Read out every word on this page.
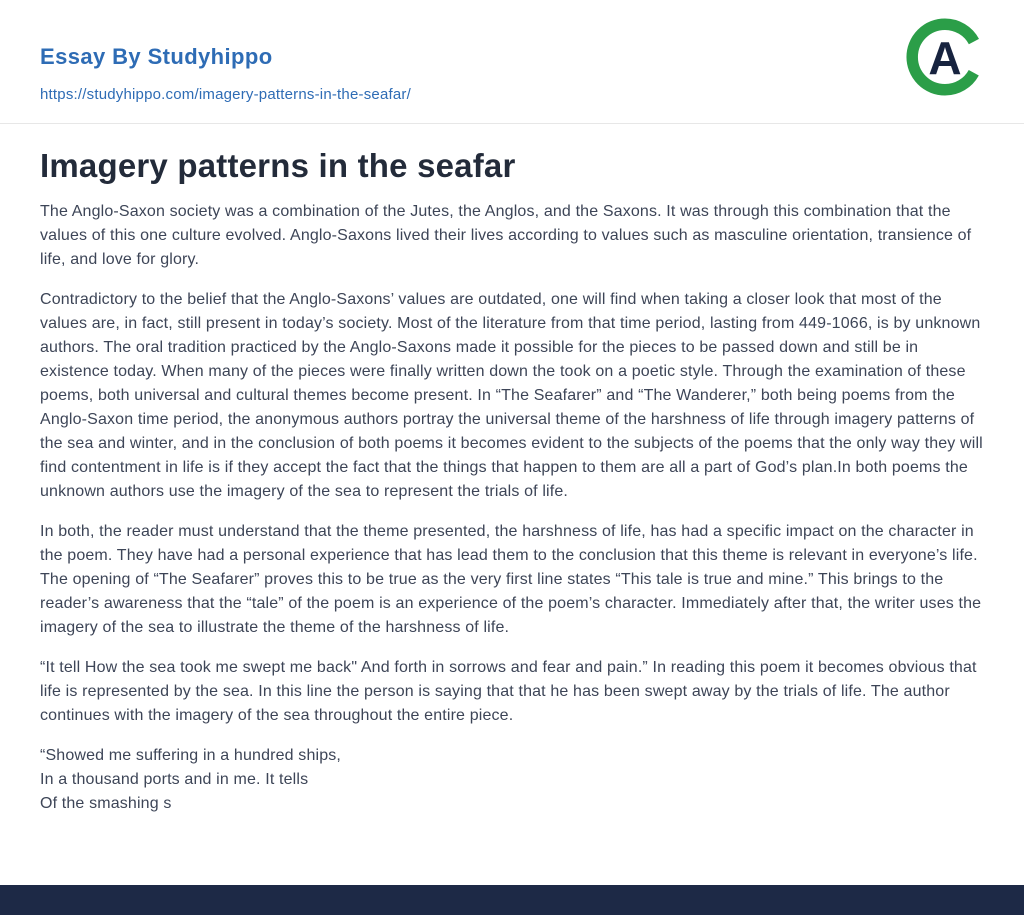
Essay By Studyhippo
https://studyhippo.com/imagery-patterns-in-the-seafar/
A
Imagery patterns in the seafar

The Anglo-Saxon society was a combination of the Jutes, the Anglos, and the Saxons. It was through this combination that the values of this one culture evolved. Anglo-Saxons lived their lives according to values such as masculine orientation, transience of life, and love for glory.

Contradictory to the belief that the Anglo-Saxons’ values are outdated, one will find when taking a closer look that most of the values are, in fact, still present in today’s society. Most of the literature from that time period, lasting from 449-1066, is by unknown authors. The oral tradition practiced by the Anglo-Saxons made it possible for the pieces to be passed down and still be in existence today. When many of the pieces were finally written down the took on a poetic style. Through the examination of these poems, both universal and cultural themes become present. In “The Seafarer” and “The Wanderer,” both being poems from the Anglo-Saxon time period, the anonymous authors portray the universal theme of the harshness of life through imagery patterns of the sea and winter, and in the conclusion of both poems it becomes evident to the subjects of the poems that the only way they will find contentment in life is if they accept the fact that the things that happen to them are all a part of God’s plan.In both poems the unknown authors use the imagery of the sea to represent the trials of life.

In both, the reader must understand that the theme presented, the harshness of life, has had a specific impact on the character in the poem. They have had a personal experience that has lead them to the conclusion that this theme is relevant in everyone’s life. The opening of “The Seafarer” proves this to be true as the very first line states “This tale is true and mine.” This brings to the reader’s awareness that the “tale” of the poem is an experience of the poem’s character. Immediately after that, the writer uses the imagery of the sea to illustrate the theme of the harshness of life.

“It tell How the sea took me swept me back" And forth in sorrows and fear and pain.” In reading this poem it becomes obvious that life is represented by the sea. In this line the person is saying that that he has been swept away by the trials of life. The author continues with the imagery of the sea throughout the entire piece.

“Showed me suffering in a hundred ships,

In a thousand ports and in me. It tells

Of the smashing s
